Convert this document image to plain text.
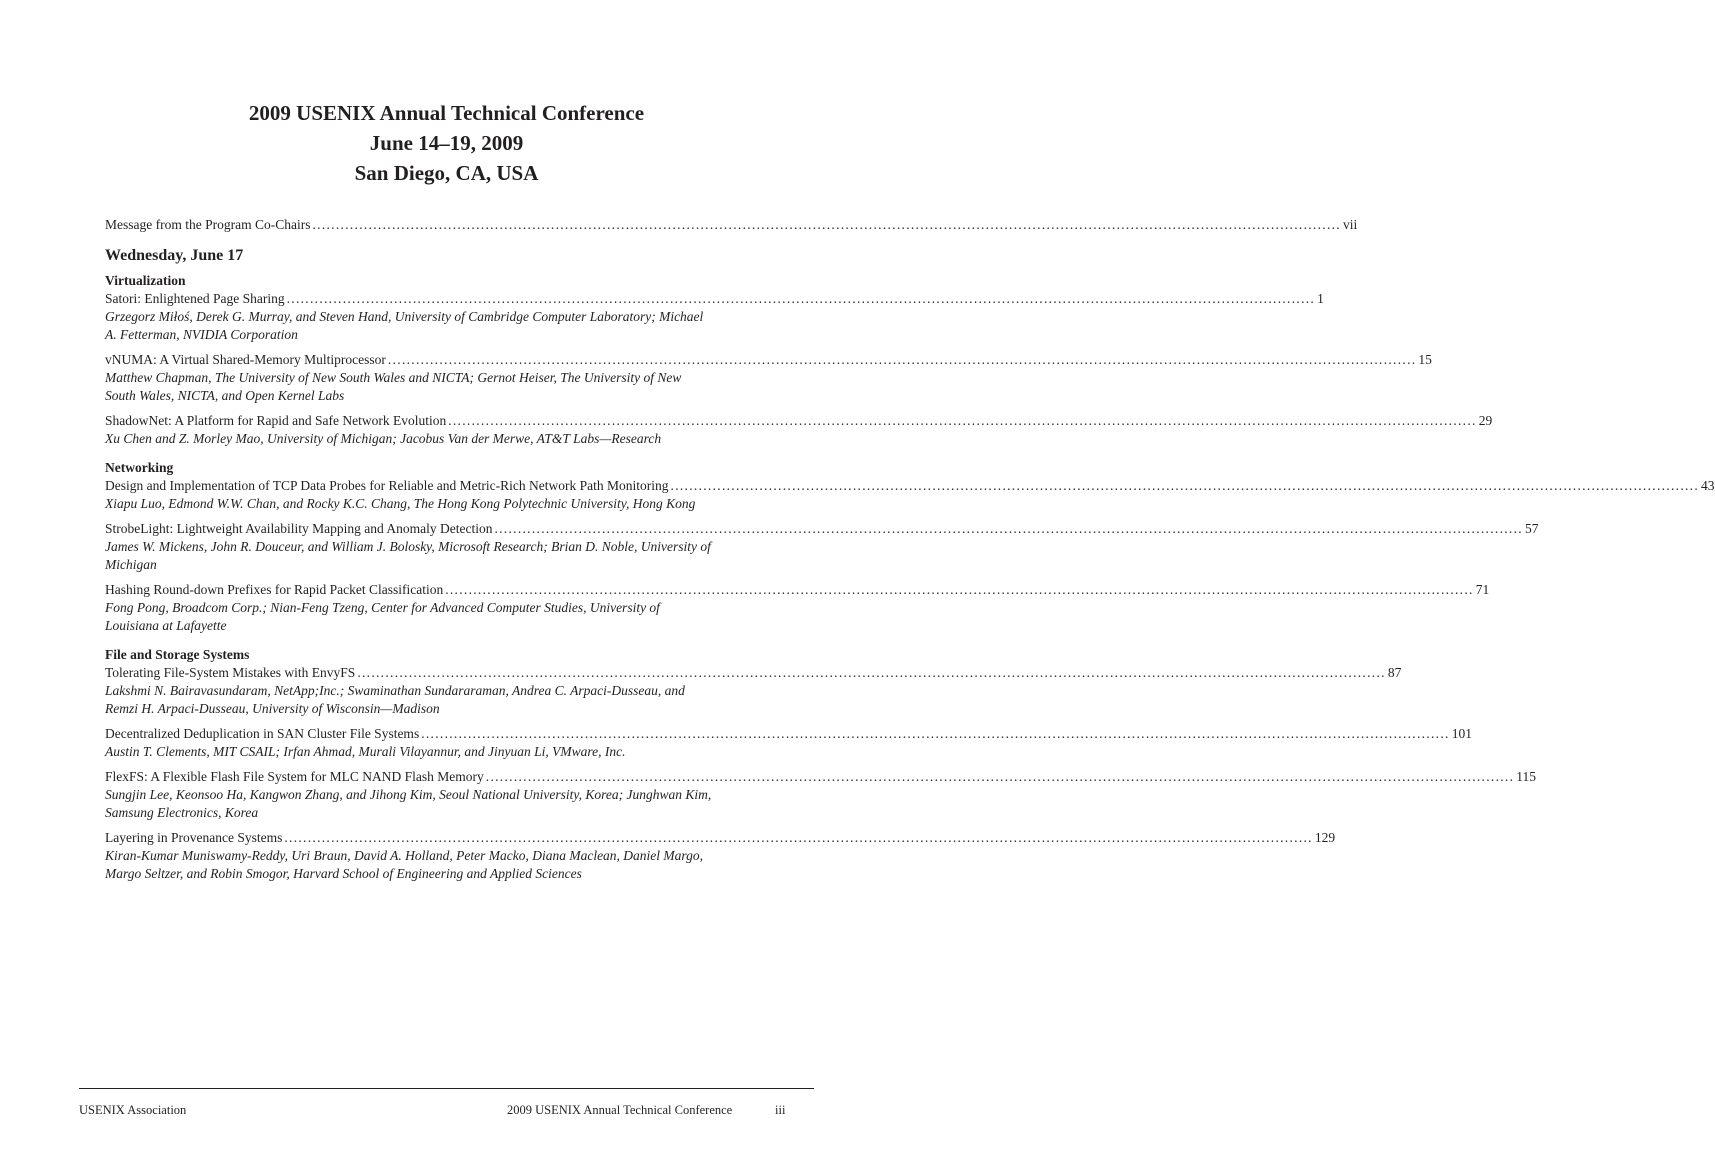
2009 USENIX Annual Technical Conference
June 14–19, 2009
San Diego, CA, USA
Message from the Program Co-Chairs ............................................................................................................................................................................................................................ vii
Wednesday, June 17
Virtualization
Satori: Enlightened Page Sharing ............................................................................................................................................................................................................................ 1
Grzegorz Miłoś, Derek G. Murray, and Steven Hand, University of Cambridge Computer Laboratory; Michael
A. Fetterman, NVIDIA Corporation
vNUMA: A Virtual Shared-Memory Multiprocessor ............................................................................................................................................................................................................................ 15
Matthew Chapman, The University of New South Wales and NICTA; Gernot Heiser, The University of New
South Wales, NICTA, and Open Kernel Labs
ShadowNet: A Platform for Rapid and Safe Network Evolution ............................................................................................................................................................................................................................ 29
Xu Chen and Z. Morley Mao, University of Michigan; Jacobus Van der Merwe, AT&T Labs—Research
Networking
Design and Implementation of TCP Data Probes for Reliable and Metric-Rich Network Path Monitoring ............................................................................................................................................................................................................................ 43
Xiapu Luo, Edmond W.W. Chan, and Rocky K.C. Chang, The Hong Kong Polytechnic University, Hong Kong
StrobeLight: Lightweight Availability Mapping and Anomaly Detection ............................................................................................................................................................................................................................ 57
James W. Mickens, John R. Douceur, and William J. Bolosky, Microsoft Research; Brian D. Noble, University of
Michigan
Hashing Round-down Prefixes for Rapid Packet Classification ............................................................................................................................................................................................................................ 71
Fong Pong, Broadcom Corp.; Nian-Feng Tzeng, Center for Advanced Computer Studies, University of
Louisiana at Lafayette
File and Storage Systems
Tolerating File-System Mistakes with EnvyFS ............................................................................................................................................................................................................................ 87
Lakshmi N. Bairavasundaram, NetApp;Inc.; Swaminathan Sundararaman, Andrea C. Arpaci-Dusseau, and
Remzi H. Arpaci-Dusseau, University of Wisconsin—Madison
Decentralized Deduplication in SAN Cluster File Systems ............................................................................................................................................................................................................................ 101
Austin T. Clements, MIT CSAIL; Irfan Ahmad, Murali Vilayannur, and Jinyuan Li, VMware, Inc.
FlexFS: A Flexible Flash File System for MLC NAND Flash Memory ............................................................................................................................................................................................................................ 115
Sungjin Lee, Keonsoo Ha, Kangwon Zhang, and Jihong Kim, Seoul National University, Korea; Junghwan Kim,
Samsung Electronics, Korea
Layering in Provenance Systems ............................................................................................................................................................................................................................ 129
Kiran-Kumar Muniswamy-Reddy, Uri Braun, David A. Holland, Peter Macko, Diana Maclean, Daniel Margo,
Margo Seltzer, and Robin Smogor, Harvard School of Engineering and Applied Sciences
USENIX Association	2009 USENIX Annual Technical Conference	iii
